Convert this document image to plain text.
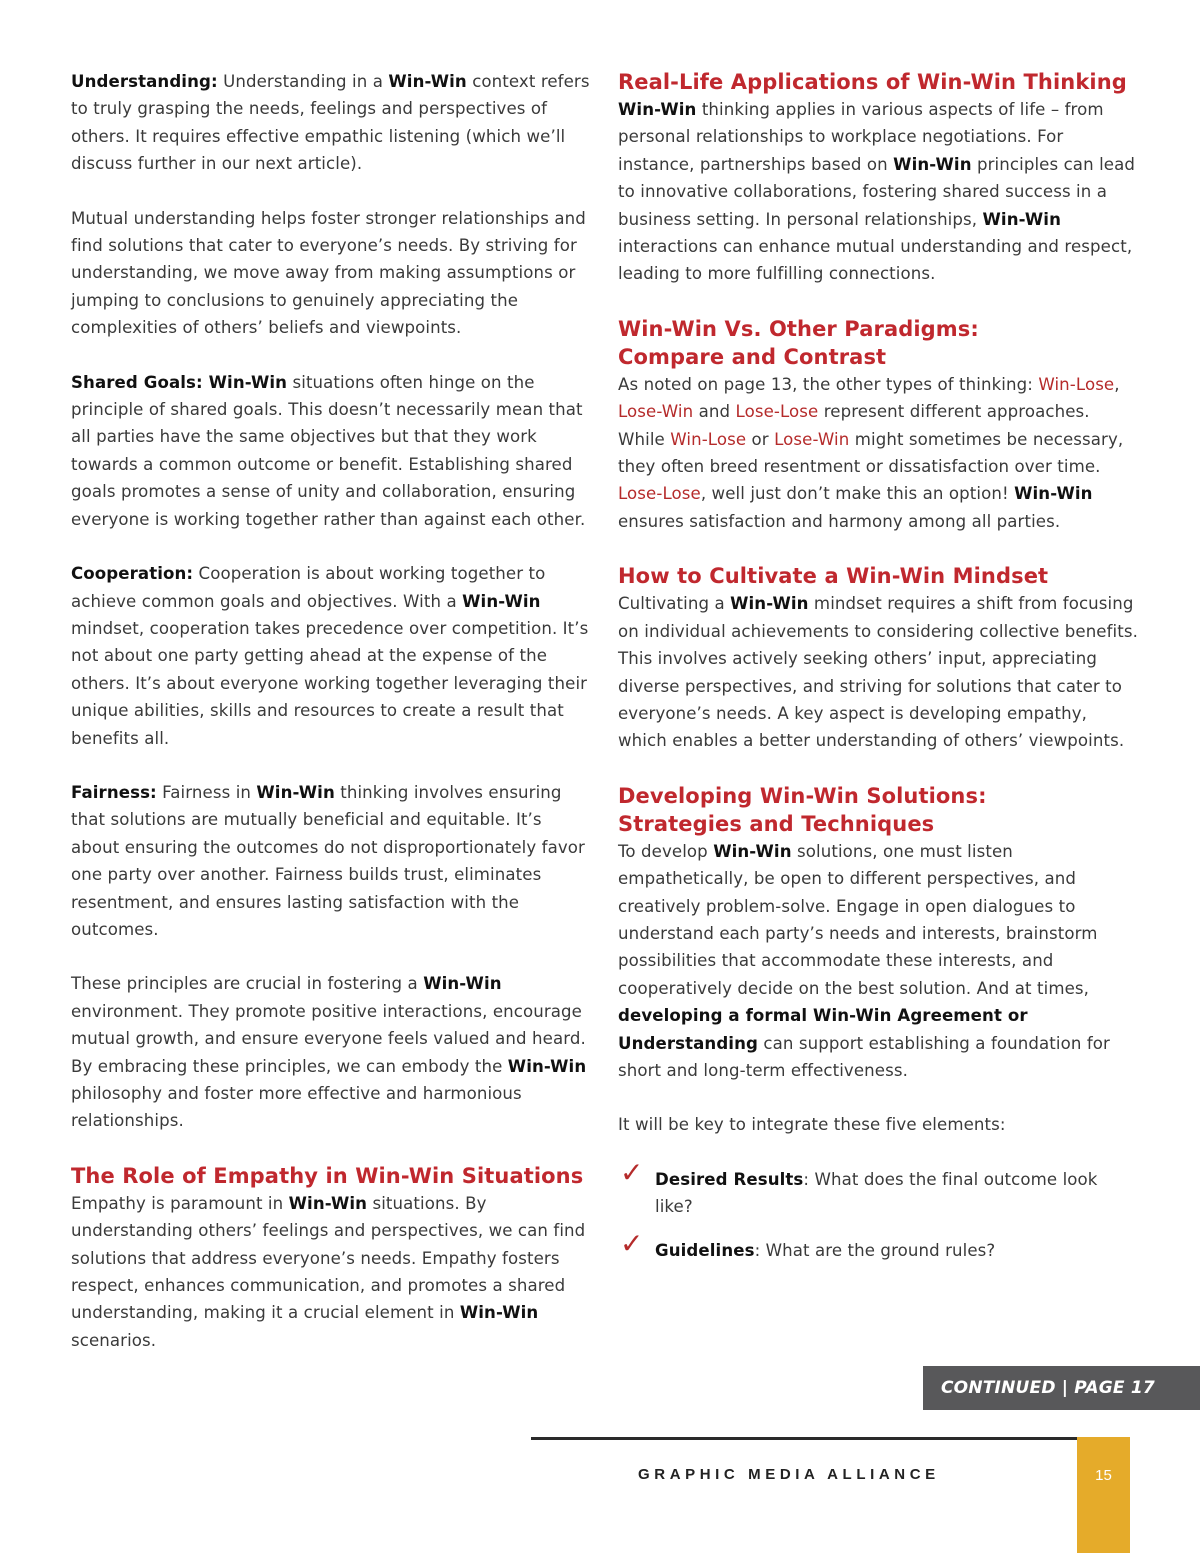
Understanding: Understanding in a Win-Win context refers to truly grasping the needs, feelings and perspectives of others. It requires effective empathic listening (which we’ll discuss further in our next article).

Mutual understanding helps foster stronger relationships and find solutions that cater to everyone’s needs. By striving for understanding, we move away from making assumptions or jumping to conclusions to genuinely appreciating the complexities of others’ beliefs and viewpoints.

Shared Goals: Win-Win situations often hinge on the principle of shared goals. This doesn’t necessarily mean that all parties have the same objectives but that they work towards a common outcome or benefit. Establishing shared goals promotes a sense of unity and collaboration, ensuring everyone is working together rather than against each other.

Cooperation: Cooperation is about working together to achieve common goals and objectives. With a Win-Win mindset, cooperation takes precedence over competition. It’s not about one party getting ahead at the expense of the others. It’s about everyone working together leveraging their unique abilities, skills and resources to create a result that benefits all.

Fairness: Fairness in Win-Win thinking involves ensuring that solutions are mutually beneficial and equitable. It’s about ensuring the outcomes do not disproportionately favor one party over another. Fairness builds trust, eliminates resentment, and ensures lasting satisfaction with the outcomes.

These principles are crucial in fostering a Win-Win environment. They promote positive interactions, encourage mutual growth, and ensure everyone feels valued and heard. By embracing these principles, we can embody the Win-Win philosophy and foster more effective and harmonious relationships.

The Role of Empathy in Win-Win Situations

Empathy is paramount in Win-Win situations. By understanding others’ feelings and perspectives, we can find solutions that address everyone’s needs. Empathy fosters respect, enhances communication, and promotes a shared understanding, making it a crucial element in Win-Win scenarios.

Real-Life Applications of Win-Win Thinking

Win-Win thinking applies in various aspects of life – from personal relationships to workplace negotiations. For instance, partnerships based on Win-Win principles can lead to innovative collaborations, fostering shared success in a business setting. In personal relationships, Win-Win interactions can enhance mutual understanding and respect, leading to more fulfilling connections.

Win-Win Vs. Other Paradigms:
Compare and Contrast

As noted on page 13, the other types of thinking: Win-Lose, Lose-Win and Lose-Lose represent different approaches. While Win-Lose or Lose-Win might sometimes be necessary, they often breed resentment or dissatisfaction over time. Lose-Lose, well just don’t make this an option! Win-Win ensures satisfaction and harmony among all parties.

How to Cultivate a Win-Win Mindset

Cultivating a Win-Win mindset requires a shift from focusing on individual achievements to considering collective benefits. This involves actively seeking others’ input, appreciating diverse perspectives, and striving for solutions that cater to everyone’s needs. A key aspect is developing empathy, which enables a better understanding of others’ viewpoints.

Developing Win-Win Solutions:
Strategies and Techniques

To develop Win-Win solutions, one must listen empathetically, be open to different perspectives, and creatively problem-solve. Engage in open dialogues to understand each party’s needs and interests, brainstorm possibilities that accommodate these interests, and cooperatively decide on the best solution. And at times, developing a formal Win-Win Agreement or Understanding can support establishing a foundation for short and long-term effectiveness.

It will be key to integrate these five elements:

✓ Desired Results: What does the final outcome look like?

✓ Guidelines: What are the ground rules?

CONTINUED | PAGE 17
GRAPHIC MEDIA ALLIANCE	15
